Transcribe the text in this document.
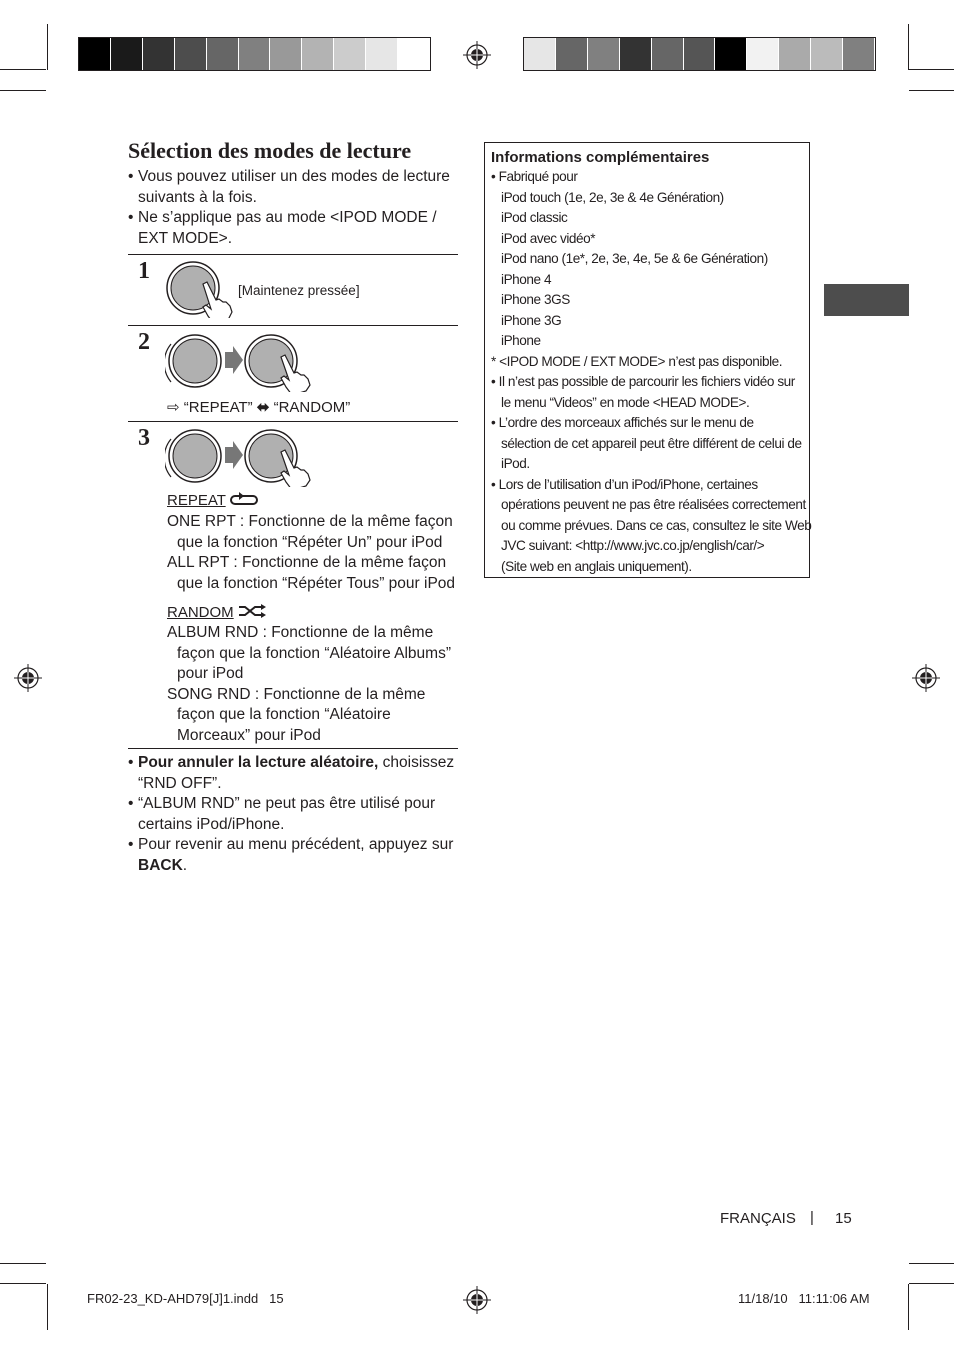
Sélection des modes de lecture
• Vous pouvez utiliser un des modes de lecture
suivants à la fois.
• Ne s’applique pas au mode <IPOD MODE /
EXT MODE>.
1
[Maintenez pressée]
2
⇨ “REPEAT” ⬌ “RANDOM”
3
REPEAT
ONE RPT : Fonctionne de la même façon
que la fonction “Répéter Un” pour iPod
ALL RPT : Fonctionne de la même façon
que la fonction “Répéter Tous” pour iPod
RANDOM
ALBUM RND : Fonctionne de la même
façon que la fonction “Aléatoire Albums”
pour iPod
SONG RND : Fonctionne de la même
façon que la fonction “Aléatoire
Morceaux” pour iPod
• Pour annuler la lecture aléatoire, choisissez
“RND OFF”.
• “ALBUM RND” ne peut pas être utilisé pour
certains iPod/iPhone.
• Pour revenir au menu précédent, appuyez sur
BACK.
Informations complémentaires
• Fabriqué pour
iPod touch (1e, 2e, 3e & 4e Génération)
iPod classic
iPod avec vidéo*
iPod nano (1e*, 2e, 3e, 4e, 5e & 6e Génération)
iPhone 4
iPhone 3GS
iPhone 3G
iPhone
* <IPOD MODE / EXT MODE> n’est pas disponible.
• Il n’est pas possible de parcourir les fichiers vidéo sur
le menu “Videos” en mode <HEAD MODE>.
• L’ordre des morceaux affichés sur le menu de
sélection de cet appareil peut être différent de celui de
iPod.
• Lors de l’utilisation d’un iPod/iPhone, certaines
opérations peuvent ne pas être réalisées correctement
ou comme prévues. Dans ce cas, consultez le site Web
JVC suivant: <http://www.jvc.co.jp/english/car/>
(Site web en anglais uniquement).
FRANÇAIS | 15
FR02-23_KD-AHD79[J]1.indd   15	11/18/10   11:11:06 AM
